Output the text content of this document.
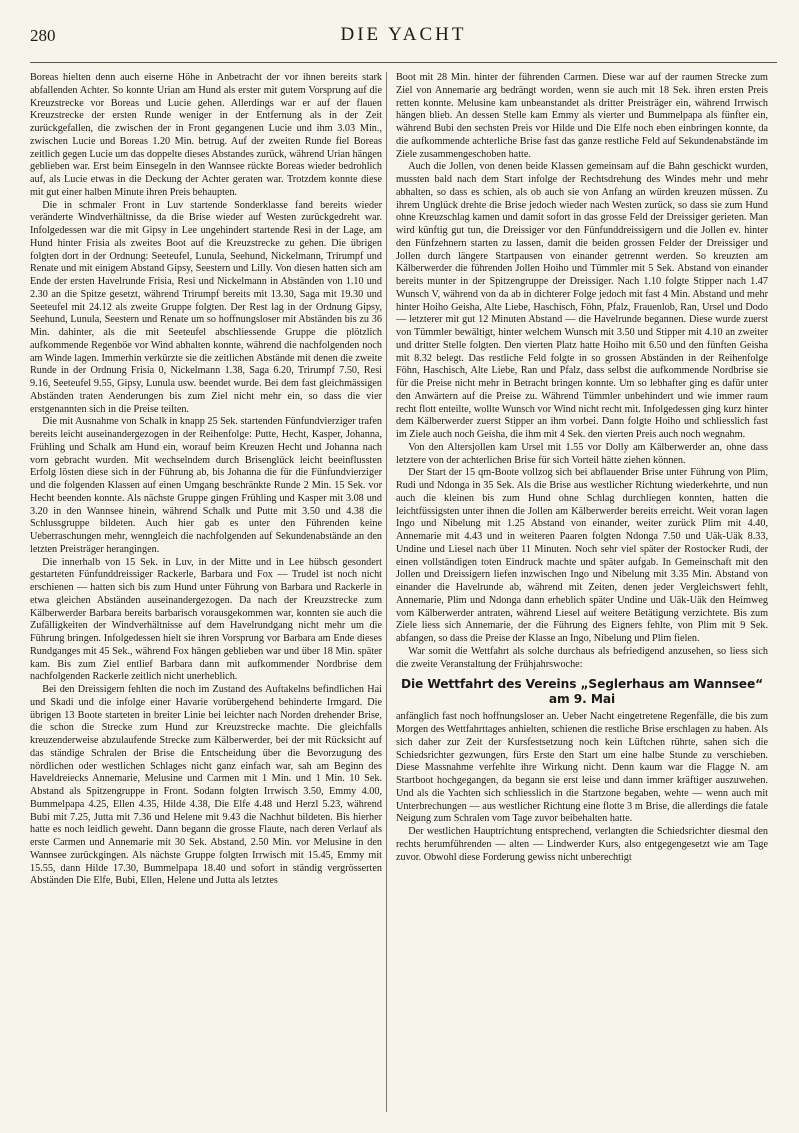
280	DIE YACHT

Boreas hielten denn auch eiserne Höhe in Anbetracht der vor ihnen bereits stark abfallenden Achter. So konnte Urian am Hund als erster mit gutem Vorsprung auf die Kreuzstrecke vor Boreas und Lucie gehen. Allerdings war er auf der flauen Kreuzstrecke der ersten Runde weniger in der Entfernung als in der Zeit zurückgefallen, die zwischen der in Front gegangenen Lucie und ihm 3.03 Min., zwischen Lucie und Boreas 1.20 Min. betrug. Auf der zweiten Runde fiel Boreas zeitlich gegen Lucie um das doppelte dieses Abstandes zurück, während Urian hängen geblieben war. Erst beim Einsegeln in den Wannsee rückte Boreas wieder bedrohlich auf, als Lucie etwas in die Deckung der Achter geraten war. Trotzdem konnte diese mit gut einer halben Minute ihren Preis behaupten.

Die in schmaler Front in Luv startende Sonderklasse fand bereits wieder veränderte Windverhältnisse, da die Brise wieder auf Westen zurückgedreht war. Infolgedessen war die mit Gipsy in Lee ungehindert startende Resi in der Lage, am Hund hinter Frisia als zweites Boot auf die Kreuzstrecke zu gehen. Die übrigen folgten dort in der Ordnung: Seeteufel, Lunula, Seehund, Nickelmann, Trirumpf und Renate und mit einigem Abstand Gipsy, Seestern und Lilly. Von diesen hatten sich am Ende der ersten Havelrunde Frisia, Resi und Nickelmann in Abständen von 1.10 und 2.30 an die Spitze gesetzt, während Trirumpf bereits mit 13.30, Saga mit 19.30 und Seeteufel mit 24.12 als zweite Gruppe folgten. Der Rest lag in der Ordnung Gipsy, Seehund, Lunula, Seestern und Renate um so hoffnungsloser mit Abständen bis zu 36 Min. dahinter, als die mit Seeteufel abschliessende Gruppe die plötzlich aufkommende Regenböe vor Wind abhalten konnte, während die nachfolgenden noch am Winde lagen. Immerhin verkürzte sie die zeitlichen Abstände mit denen die zweite Runde in der Ordnung Frisia 0, Nickelmann 1.38, Saga 6.20, Trirumpf 7.50, Resi 9.16, Seeteufel 9.55, Gipsy, Lunula usw. beendet wurde. Bei dem fast gleichmässigen Abständen traten Aenderungen bis zum Ziel nicht mehr ein, so dass die vier erstgenannten sich in die Preise teilten.

Die mit Ausnahme von Schalk in knapp 25 Sek. startenden Fünfundvierziger trafen bereits leicht auseinandergezogen in der Reihenfolge: Putte, Hecht, Kasper, Johanna, Frühling und Schalk am Hund ein, worauf beim Kreuzen Hecht und Johanna nach vorn gebracht wurden. Mit wechselndem durch Brisenglück leicht beeinflussten Erfolg lösten diese sich in der Führung ab, bis Johanna die für die Fünfundvierziger und die folgenden Klassen auf einen Umgang beschränkte Runde 2 Min. 15 Sek. vor Hecht beenden konnte. Als nächste Gruppe gingen Frühling und Kasper mit 3.08 und 3.20 in den Wannsee hinein, während Schalk und Putte mit 3.50 und 4.38 die Schlussgruppe bildeten. Auch hier gab es unter den Führenden keine Ueberraschungen mehr, wenngleich die nachfolgenden auf Sekundenabstände an den letzten Preisträger herangingen.

Die innerhalb von 15 Sek. in Luv, in der Mitte und in Lee hübsch gesondert gestarteten Fünfunddreissiger Rackerle, Barbara und Fox — Trudel ist noch nicht erschienen — hatten sich bis zum Hund unter Führung von Barbara und Rackerle in etwa gleichen Abständen auseinandergezogen. Da nach der Kreuzstrecke zum Kälberwerder Barbara bereits barbarisch vorausgekommen war, konnten sie auch die Zufälligkeiten der Windverhältnisse auf dem Havelrundgang nicht mehr um die Führung bringen. Infolgedessen hielt sie ihren Vorsprung vor Barbara am Ende dieses Rundganges mit 45 Sek., während Fox hängen geblieben war und über 18 Min. später kam. Bis zum Ziel entlief Barbara dann mit aufkommender Nordbrise dem nachfolgenden Rackerle zeitlich nicht unerheblich.

Bei den Dreissigern fehlten die noch im Zustand des Auftakelns befindlichen Hai und Skadi und die infolge einer Havarie vorübergehend behinderte Irmgard. Die übrigen 13 Boote starteten in breiter Linie bei leichter nach Norden drehender Brise, die schon die Strecke zum Hund zur Kreuzstrecke machte. Die gleichfalls kreuzenderweise abzulaufende Strecke zum Kälberwerder, bei der mit Rücksicht auf das ständige Schralen der Brise die Entscheidung über die Bevorzugung des nördlichen oder westlichen Schlages nicht ganz einfach war, sah am Beginn des Haveldreiecks Annemarie, Melusine und Carmen mit 1 Min. und 1 Min. 10 Sek. Abstand als Spitzengruppe in Front. Sodann folgten Irrwisch 3.50, Emmy 4.00, Bummelpapa 4.25, Ellen 4.35, Hilde 4.38, Die Elfe 4.48 und Herzl 5.23, während Bubi mit 7.25, Jutta mit 7.36 und Helene mit 9.43 die Nachhut bildeten. Bis hierher hatte es noch leidlich geweht. Dann begann die grosse Flaute, nach deren Verlauf als erste Carmen und Annemarie mit 30 Sek. Abstand, 2.50 Min. vor Melusine in den Wannsee zurückgingen. Als nächste Gruppe folgten Irrwisch mit 15.45, Emmy mit 15.55, dann Hilde 17.30, Bummelpapa 18.40 und sofort in ständig vergrösserten Abständen Die Elfe, Bubi, Ellen, Helene und Jutta als letztes

Boot mit 28 Min. hinter der führenden Carmen. Diese war auf der raumen Strecke zum Ziel von Annemarie arg bedrängt worden, wenn sie auch mit 18 Sek. ihren ersten Preis retten konnte. Melusine kam unbeanstandet als dritter Preisträger ein, während Irrwisch hängen blieb. An dessen Stelle kam Emmy als vierter und Bummelpapa als fünfter ein, während Bubi den sechsten Preis vor Hilde und Die Elfe noch eben einbringen konnte, da die aufkommende achterliche Brise fast das ganze restliche Feld auf Sekundenabstände im Ziele zusammengeschoben hatte.

Auch die Jollen, von denen beide Klassen gemeinsam auf die Bahn geschickt wurden, mussten bald nach dem Start infolge der Rechtsdrehung des Windes mehr und mehr abhalten, so dass es schien, als ob auch sie von Anfang an würden kreuzen müssen. Zu ihrem Unglück drehte die Brise jedoch wieder nach Westen zurück, so dass sie zum Hund ohne Kreuzschlag kamen und damit sofort in das grosse Feld der Dreissiger gerieten. Man wird künftig gut tun, die Dreissiger vor den Fünfunddreissigern und die Jollen ev. hinter den Fünfzehnern starten zu lassen, damit die beiden grossen Felder der Dreissiger und Jollen durch längere Startpausen von einander getrennt werden. So kreuzten am Kälberwerder die führenden Jollen Hoiho und Tümmler mit 5 Sek. Abstand von einander bereits munter in der Spitzengruppe der Dreissiger. Nach 1.10 folgte Stipper nach 1.47 Wunsch V, während von da ab in dichterer Folge jedoch mit fast 4 Min. Abstand und mehr hinter Hoiho Geisha, Alte Liebe, Haschisch, Föhn, Pfalz, Frauenlob, Ran, Ursel und Dodo — letzterer mit gut 12 Minuten Abstand — die Havelrunde begannen. Diese wurde zuerst von Tümmler bewältigt, hinter welchem Wunsch mit 3.50 und Stipper mit 4.10 an zweiter und dritter Stelle folgten. Den vierten Platz hatte Hoiho mit 6.50 und den fünften Geisha mit 8.32 belegt. Das restliche Feld folgte in so grossen Abständen in der Reihenfolge Föhn, Haschisch, Alte Liebe, Ran und Pfalz, dass selbst die aufkommende Nordbrise sie für die Preise nicht mehr in Betracht bringen konnte. Um so lebhafter ging es dafür unter den Anwärtern auf die Preise zu. Während Tümmler unbehindert und wie immer raum recht flott enteilte, wollte Wunsch vor Wind nicht recht mit. Infolgedessen ging kurz hinter dem Kälberwerder zuerst Stipper an ihm vorbei. Dann folgte Hoiho und schliesslich fast im Ziele auch noch Geisha, die ihm mit 4 Sek. den vierten Preis auch noch wegnahm.

Von den Altersjollen kam Ursel mit 1.55 vor Dolly am Kälberwerder an, ohne dass letztere von der achterlichen Brise für sich Vorteil hätte ziehen können.

Der Start der 15 qm-Boote vollzog sich bei abflauender Brise unter Führung von Plim, Rudi und Ndonga in 35 Sek. Als die Brise aus westlicher Richtung wiederkehrte, und nun auch die kleinen bis zum Hund ohne Schlag durchliegen konnten, hatten die leichtfüssigsten unter ihnen die Jollen am Kälberwerder bereits erreicht. Weit voran lagen Ingo und Nibelung mit 1.25 Abstand von einander, weiter zurück Plim mit 4.40, Annemarie mit 4.43 und in weiteren Paaren folgten Ndonga 7.50 und Uäk-Uäk 8.33, Undine und Liesel nach über 11 Minuten. Noch sehr viel später der Rostocker Rudi, der einen vollständigen toten Eindruck machte und später aufgab. In Gemeinschaft mit den Jollen und Dreissigern liefen inzwischen Ingo und Nibelung mit 3.35 Min. Abstand von einander die Havelrunde ab, während mit Zeiten, denen jeder Vergleichswert fehlt, Annemarie, Plim und Ndonga dann erheblich später Undine und Uäk-Uäk den Heimweg vom Kälberwerder antraten, während Liesel auf weitere Betätigung verzichtete. Bis zum Ziele liess sich Annemarie, der die Führung des Eigners fehlte, von Plim mit 9 Sek. abfangen, so dass die Preise der Klasse an Ingo, Nibelung und Plim fielen.

War somit die Wettfahrt als solche durchaus als befriedigend anzusehen, so liess sich die zweite Veranstaltung der Frühjahrswoche:

Die Wettfahrt des Vereins „Seglerhaus am Wannsee“ am 9. Mai

anfänglich fast noch hoffnungsloser an. Ueber Nacht eingetretene Regenfälle, die bis zum Morgen des Wettfahrttages anhielten, schienen die restliche Brise erschlagen zu haben. Als sich daher zur Zeit der Kursfestsetzung noch kein Lüftchen rührte, sahen sich die Schiedsrichter gezwungen, fürs Erste den Start um eine halbe Stunde zu verschieben. Diese Massnahme verfehlte ihre Wirkung nicht. Denn kaum war die Flagge N. am Startboot hochgegangen, da begann sie erst leise und dann immer kräftiger auszuwehen. Und als die Yachten sich schliesslich in die Startzone begaben, wehte — wenn auch mit Unterbrechungen — aus westlicher Richtung eine flotte 3 m Brise, die allerdings die fatale Neigung zum Schralen vom Tage zuvor beibehalten hatte.

Der westlichen Hauptrichtung entsprechend, verlangten die Schiedsrichter diesmal den rechts herumführenden — alten — Lindwerder Kurs, also entgegengesetzt wie am Tage zuvor. Obwohl diese Forderung gewiss nicht unberechtigt
